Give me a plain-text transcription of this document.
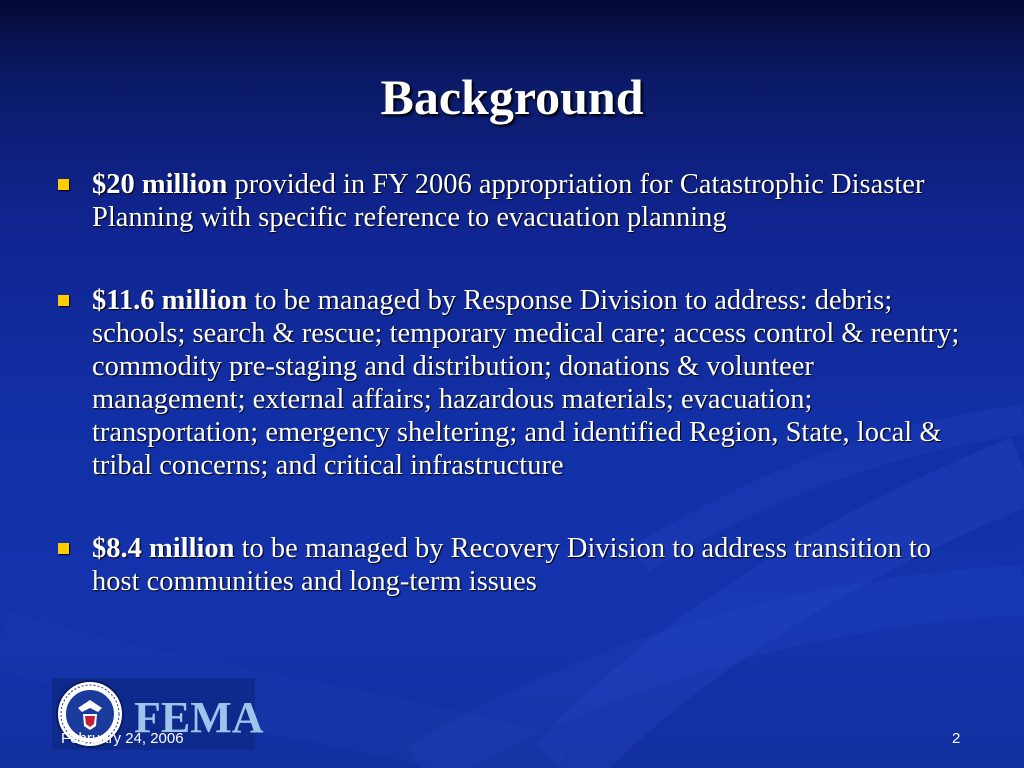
Background
$20 million provided in FY 2006 appropriation for Catastrophic Disaster Planning with specific reference to evacuation planning
$11.6 million to be managed by Response Division to address: debris; schools; search & rescue; temporary medical care; access control & reentry; commodity pre-staging and distribution; donations & volunteer management; external affairs; hazardous materials; evacuation; transportation; emergency sheltering; and identified Region, State, local & tribal concerns; and critical infrastructure
$8.4 million to be managed by Recovery Division to address transition to host communities and long-term issues
FEMA
February 24, 2006	2
